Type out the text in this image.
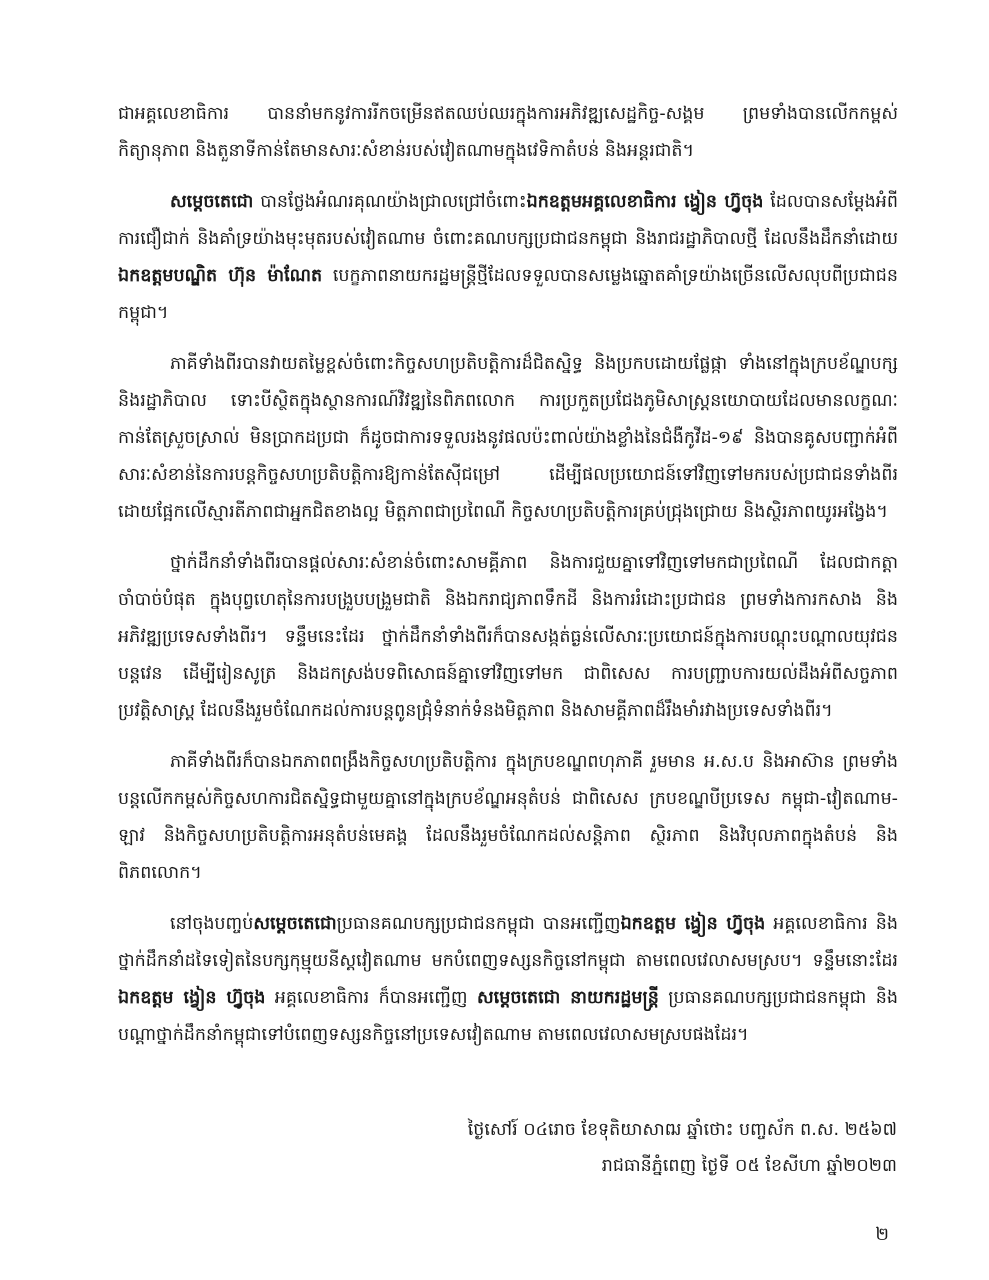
ជាអគ្គលេខាធិការ បាននាំមកនូវការរីកចម្រើនឥតឈប់ឈរក្នុងការអភិវឌ្ឍសេដ្ឋកិច្ច-សង្គម ព្រមទាំងបានលើកកម្ពស់កិត្យានុភាព និងតួនាទីកាន់តែមានសារៈសំខាន់របស់វៀតណាមក្នុងវេទិកាតំបន់ និងអន្តរជាតិ។

សម្តេចតេជោ បានថ្លែងអំណរគុណយ៉ាងជ្រាលជ្រៅចំពោះឯកឧត្តមអគ្គលេខាធិការ ង្វៀន ហ្វ៊ូចុង ដែលបានសម្តែងអំពីការជឿជាក់ និងគាំទ្រយ៉ាងមុះមុតរបស់វៀតណាម ចំពោះគណបក្សប្រជាជនកម្ពុជា និងរាជរដ្ឋាភិបាលថ្មី ដែលនឹងដឹកនាំដោយឯកឧត្តមបណ្ឌិត ហ៊ុន ម៉ាណែត បេក្ខភាពនាយករដ្ឋមន្ត្រីថ្មីដែលទទួលបានសម្លេងឆ្នោតគាំទ្រយ៉ាងច្រើនលើសលុបពីប្រជាជនកម្ពុជា។

ភាគីទាំងពីរបានវាយតម្លៃខ្ពស់ចំពោះកិច្ចសហប្រតិបត្តិការដ៏ជិតស្និទ្ធ និងប្រកបដោយផ្លែផ្កា ទាំងនៅក្នុងក្របខ័ណ្ឌបក្ស និងរដ្ឋាភិបាល ទោះបីស្ថិតក្នុងស្ថានការណ៍វិវឌ្ឍនៃពិភពលោក ការប្រកួតប្រជែងភូមិសាស្ត្រនយោបាយដែលមានលក្ខណៈកាន់តែស្រួចស្រាល់ មិនប្រាកដប្រជា ក៏ដូចជាការទទួលរងនូវផលប៉ះពាល់យ៉ាងខ្លាំងនៃជំងឺកូវីដ-១៩ និងបានគូសបញ្ជាក់អំពីសារៈសំខាន់នៃការបន្តកិច្ចសហប្រតិបត្តិការឱ្យកាន់តែស៊ីជម្រៅ ដើម្បីផលប្រយោជន៍ទៅវិញទៅមករបស់ប្រជាជនទាំងពីរ ដោយផ្អែកលើស្មារតីភាពជាអ្នកជិតខាងល្អ មិត្តភាពជាប្រពៃណី កិច្ចសហប្រតិបត្តិការគ្រប់ជ្រុងជ្រោយ និងស្ថិរភាពយូរអង្វែង។

ថ្នាក់ដឹកនាំទាំងពីរបានផ្តល់សារៈសំខាន់ចំពោះសាមគ្គីភាព និងការជួយគ្នាទៅវិញទៅមកជាប្រពៃណី ដែលជាកត្តាចាំបាច់បំផុត ក្នុងបុព្វហេតុនៃការបង្រួបបង្រួមជាតិ និងឯករាជ្យភាពទឹកដី និងការរំដោះប្រជាជន ព្រមទាំងការកសាង និងអភិវឌ្ឍប្រទេសទាំងពីរ។ ទន្ទឹមនេះដែរ ថ្នាក់ដឹកនាំទាំងពីរក៏បានសង្កត់ធ្ងន់លើសារៈប្រយោជន៍ក្នុងការបណ្តុះបណ្តាលយុវជនបន្តវេន ដើម្បីរៀនសូត្រ និងដកស្រង់បទពិសោធន៍គ្នាទៅវិញទៅមក ជាពិសេស ការបញ្ជ្រាបការយល់ដឹងអំពីសច្ចភាពប្រវត្តិសាស្ត្រ ដែលនឹងរួមចំណែកដល់ការបន្តពូនជ្រុំទំនាក់ទំនងមិត្តភាព និងសាមគ្គីភាពដ៏រឹងមាំរវាងប្រទេសទាំងពីរ។

ភាគីទាំងពីរក៏បានឯកភាពពង្រឹងកិច្ចសហប្រតិបត្តិការ ក្នុងក្របខណ្ឌពហុភាគី រួមមាន អ.ស.ប និងអាស៊ាន ព្រមទាំងបន្តលើកកម្ពស់កិច្ចសហការជិតស្និទ្ធជាមួយគ្នានៅក្នុងក្របខ័ណ្ឌអនុតំបន់ ជាពិសេស ក្របខណ្ឌបីប្រទេស កម្ពុជា-វៀតណាម-ឡាវ និងកិច្ចសហប្រតិបត្តិការអនុតំបន់មេគង្គ ដែលនឹងរួមចំណែកដល់សន្តិភាព ស្ថិរភាព និងវិបុលភាពក្នុងតំបន់ និងពិភពលោក។

នៅចុងបញ្ចប់សម្តេចតេជោប្រធានគណបក្សប្រជាជនកម្ពុជា បានអញ្ជើញឯកឧត្តម ង្វៀន ហ្វ៊ូចុង អគ្គលេខាធិការ និងថ្នាក់ដឹកនាំដទៃទៀតនៃបក្សកុម្មុយនីស្តវៀតណាម មកបំពេញទស្សនកិច្ចនៅកម្ពុជា តាមពេលវេលាសមស្រប។ ទន្ទឹមនោះដែរ ឯកឧត្តម ង្វៀន ហ្វ៊ូចុង អគ្គលេខាធិការ ក៏បានអញ្ជើញ សម្តេចតេជោ នាយករដ្ឋមន្ត្រី ប្រធានគណបក្សប្រជាជនកម្ពុជា និងបណ្តាថ្នាក់ដឹកនាំកម្ពុជាទៅបំពេញទស្សនកិច្ចនៅប្រទេសវៀតណាម តាមពេលវេលាសមស្របផងដែរ។

ថ្ងៃសៅរ៍ ០៤រោច ខែទុតិយាសាឍ ឆ្នាំថោះ បញ្ចស័ក ព.ស. ២៥៦៧
រាជធានីភ្នំពេញ ថ្ងៃទី ០៥ ខែសីហា ឆ្នាំ២០២៣
២
